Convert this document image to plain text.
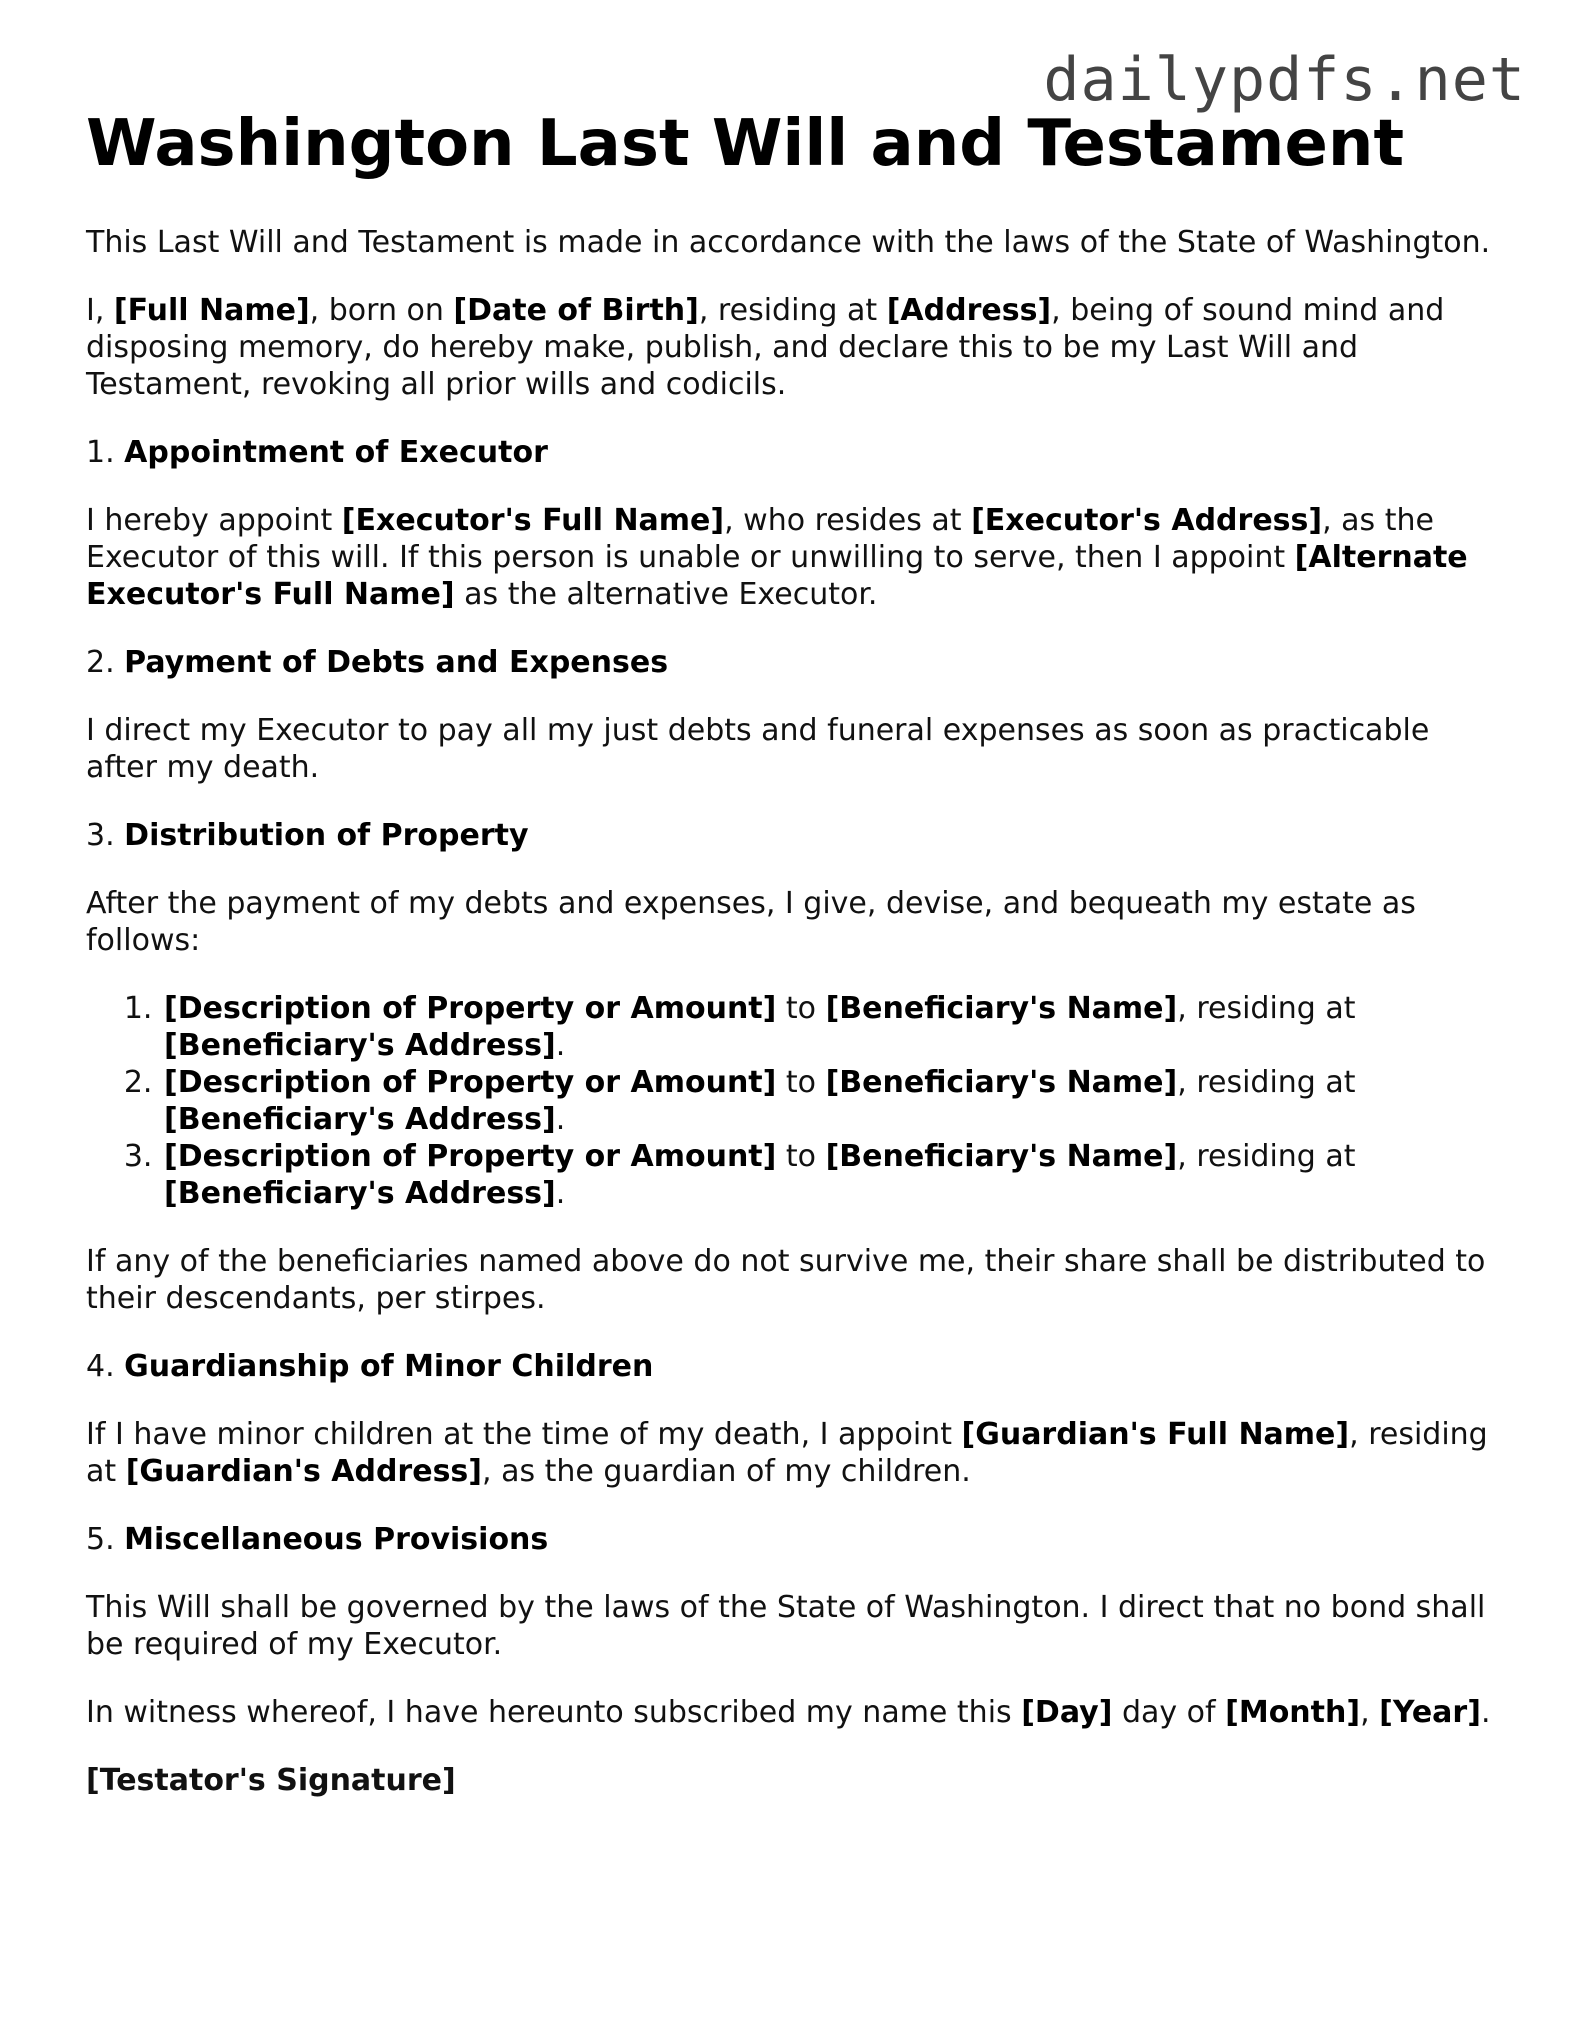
dailypdfs.net
Washington Last Will and Testament

This Last Will and Testament is made in accordance with the laws of the State of Washington.

I, [Full Name], born on [Date of Birth], residing at [Address], being of sound mind and disposing memory, do hereby make, publish, and declare this to be my Last Will and Testament, revoking all prior wills and codicils.

1. Appointment of Executor

I hereby appoint [Executor's Full Name], who resides at [Executor's Address], as the Executor of this will. If this person is unable or unwilling to serve, then I appoint [Alternate Executor's Full Name] as the alternative Executor.

2. Payment of Debts and Expenses

I direct my Executor to pay all my just debts and funeral expenses as soon as practicable after my death.

3. Distribution of Property

After the payment of my debts and expenses, I give, devise, and bequeath my estate as follows:

1. [Description of Property or Amount] to [Beneficiary's Name], residing at [Beneficiary's Address].
2. [Description of Property or Amount] to [Beneficiary's Name], residing at [Beneficiary's Address].
3. [Description of Property or Amount] to [Beneficiary's Name], residing at [Beneficiary's Address].

If any of the beneficiaries named above do not survive me, their share shall be distributed to their descendants, per stirpes.

4. Guardianship of Minor Children

If I have minor children at the time of my death, I appoint [Guardian's Full Name], residing at [Guardian's Address], as the guardian of my children.

5. Miscellaneous Provisions

This Will shall be governed by the laws of the State of Washington. I direct that no bond shall be required of my Executor.

In witness whereof, I have hereunto subscribed my name this [Day] day of [Month], [Year].

[Testator's Signature]
